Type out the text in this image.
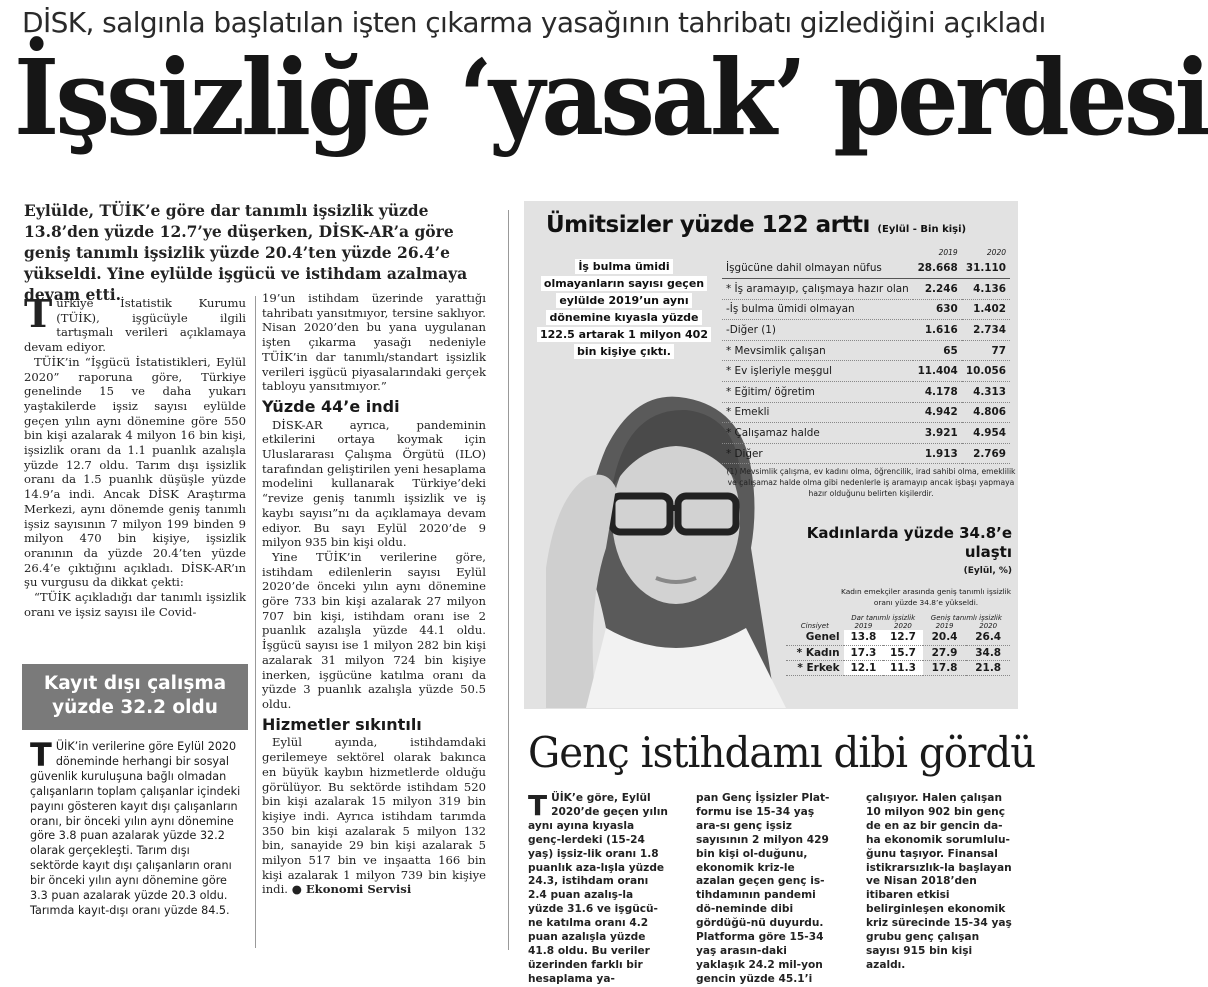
DİSK, salgınla başlatılan işten çıkarma yasağının tahribatı gizlediğini açıkladı
İşsizliğe ‘yasak’ perdesi
Eylülde, TÜİK’e göre dar tanımlı işsizlik yüzde 13.8’den yüzde 12.7’ye düşerken, DİSK-AR’a göre geniş tanımlı işsizlik yüzde 20.4’ten yüzde 26.4’e yükseldi. Yine eylülde işgücü ve istihdam azalmaya devam etti.

Türkiye İstatistik Kurumu (TÜİK), işgücüyle ilgili tartışmalı verileri açıklamaya devam ediyor.

TÜİK’in “İşgücü İstatistikleri, Eylül 2020” raporuna göre, Türkiye genelinde 15 ve daha yukarı yaştakilerde işsiz sayısı eylülde geçen yılın aynı dönemine göre 550 bin kişi azalarak 4 milyon 16 bin kişi, işsizlik oranı da 1.1 puanlık azalışla yüzde 12.7 oldu. Tarım dışı işsizlik oranı da 1.5 puanlık düşüşle yüzde 14.9’a indi. Ancak DİSK Araştırma Merkezi, aynı dönemde geniş tanımlı işsiz sayısının 7 milyon 199 binden 9 milyon 470 bin kişiye, işsizlik oranının da yüzde 20.4’ten yüzde 26.4’e çıktığını açıkladı. DİSK-AR’ın şu vurgusu da dikkat çekti:

“TÜİK açıkladığı dar tanımlı işsizlik oranı ve işsiz sayısı ile Covid-

19’un istihdam üzerinde yarattığı tahribatı yansıtmıyor, tersine saklıyor. Nisan 2020’den bu yana uygulanan işten çıkarma yasağı nedeniyle TÜİK’in dar tanımlı/standart işsizlik verileri işgücü piyasalarındaki gerçek tabloyu yansıtmıyor.”

Yüzde 44’e indi

DİSK-AR ayrıca, pandeminin etkilerini ortaya koymak için Uluslararası Çalışma Örgütü (ILO) tarafından geliştirilen yeni hesaplama modelini kullanarak Türkiye’deki “revize geniş tanımlı işsizlik ve iş kaybı sayısı”nı da açıklamaya devam ediyor. Bu sayı Eylül 2020’de 9 milyon 935 bin kişi oldu.

Yine TÜİK’in verilerine göre, istihdam edilenlerin sayısı Eylül 2020’de önceki yılın aynı dönemine göre 733 bin kişi azalarak 27 milyon 707 bin kişi, istihdam oranı ise 2 puanlık azalışla yüzde 44.1 oldu. İşgücü sayısı ise 1 milyon 282 bin kişi azalarak 31 milyon 724 bin kişiye inerken, işgücüne katılma oranı da yüzde 3 puanlık azalışla yüzde 50.5 oldu.

Hizmetler sıkıntılı

Eylül ayında, istihdamdaki gerilemeye sektörel olarak bakınca en büyük kaybın hizmetlerde olduğu görülüyor. Bu sektörde istihdam 520 bin kişi azalarak 15 milyon 319 bin kişiye indi. Ayrıca istihdam tarımda 350 bin kişi azalarak 5 milyon 132 bin, sanayide 29 bin kişi azalarak 5 milyon 517 bin ve inşaatta 166 bin kişi azalarak 1 milyon 739 bin kişiye indi. ● Ekonomi Servisi

Kayıt dışı çalışma yüzde 32.2 oldu
TÜİK’in verilerine göre Eylül 2020 döneminde herhangi bir sosyal güvenlik kuruluşuna bağlı olmadan çalışanların toplam çalışanlar içindeki payını gösteren kayıt dışı çalışanların oranı, bir önceki yılın aynı dönemine göre 3.8 puan azalarak yüzde 32.2 olarak gerçekleşti. Tarım dışı sektörde kayıt dışı çalışanların oranı bir önceki yılın aynı dönemine göre 3.3 puan azalarak yüzde 20.3 oldu. Tarımda kayıt-dışı oranı yüzde 84.5.
Ümitsizler yüzde 122 arttı (Eylül - Bin kişi)
İş bulma ümidi olmayanların sayısı geçen eylülde 2019’un aynı dönemine kıyasla yüzde 122.5 artarak 1 milyon 402 bin kişiye çıktı.
	2019	2020
İşgücüne dahil olmayan nüfus	28.668	31.110
* İş aramayıp, çalışmaya hazır olan	2.246	4.136
-İş bulma ümidi olmayan	630	1.402
-Diğer (1)	1.616	2.734
* Mevsimlik çalışan	65	77
* Ev işleriyle meşgul	11.404	10.056
* Eğitim/ öğretim	4.178	4.313
* Emekli	4.942	4.806
* Çalışamaz halde	3.921	4.954
* Diğer	1.913	2.769
(1) Mevsimlik çalışma, ev kadını olma, öğrencilik, irad sahibi olma, emeklilik ve çalışamaz halde olma gibi nedenlerle iş aramayıp ancak işbaşı yapmaya hazır olduğunu belirten kişilerdir.
Kadınlarda yüzde 34.8’e ulaştı
(Eylül, %)
Kadın emekçiler arasında geniş tanımlı işsizlik oranı yüzde 34.8’e yükseldi.
	Dar tanımlı işsizlik		Geniş tanımlı işsizlik	
Cinsiyet	2019	2020	2019	2020
Genel	13.8	12.7	20.4	26.4
* Kadın	17.3	15.7	27.9	34.8
* Erkek	12.1	11.3	17.8	21.8
Genç istihdamı dibi gördü
TÜİK’e göre, Eylül 2020’de geçen yılın aynı ayına kıyasla genç-lerdeki (15-24 yaş) işsiz-lik oranı 1.8 puanlık aza-lışla yüzde 24.3, istihdam oranı 2.4 puan azalış-la yüzde 31.6 ve işgücü-ne katılma oranı 4.2 puan azalışla yüzde 41.8 oldu. Bu veriler üzerinden farklı bir hesaplama ya-
pan Genç İşsizler Plat-formu ise 15-34 yaş ara-sı genç işsiz sayısının 2 milyon 429 bin kişi ol-duğunu, ekonomik kriz-le azalan geçen genç is-tihdamının pandemi dö-neminde dibi gördüğü-nü duyurdu. Platforma göre 15-34 yaş arasın-daki yaklaşık 24.2 mil-yon gencin yüzde 45.1’i
çalışıyor. Halen çalışan 10 milyon 902 bin genç de en az bir gencin da-ha ekonomik sorumlulu-ğunu taşıyor. Finansal istikrarsızlık-la başlayan ve Nisan 2018’den itibaren etkisi belirginleşen ekonomik kriz sürecinde 15-34 yaş grubu genç çalışan sayısı 915 bin kişi azaldı.
